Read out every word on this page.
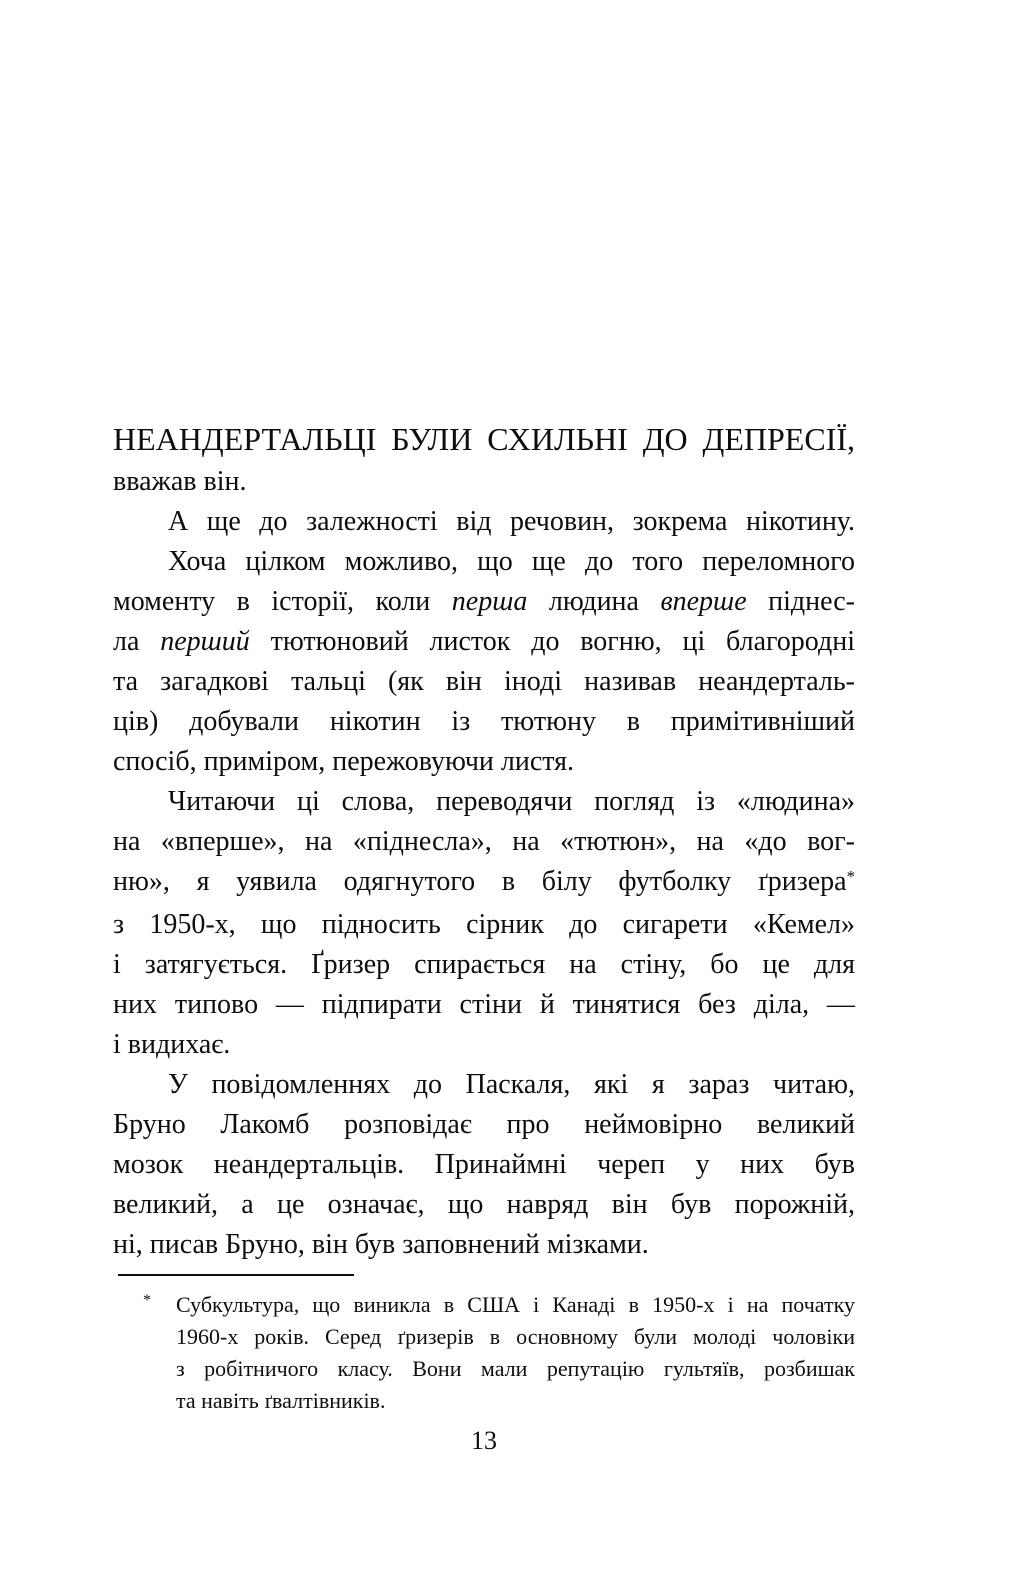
НЕАНДЕРТАЛЬЦІ БУЛИ СХИЛЬНІ ДО ДЕПРЕСІЇ,
вважав він.
А ще до залежності від речовин, зокрема нікотину.
Хоча цілком можливо, що ще до того переломного
моменту в історії, коли перша людина вперше піднес-
ла перший тютюновий листок до вогню, ці благородні
та загадкові тальці (як він іноді називав неандерталь-
ців) добували нікотин із тютюну в примітивніший
спосіб, приміром, пережовуючи листя.
Читаючи ці слова, переводячи погляд із «людина»
на «вперше», на «піднесла», на «тютюн», на «до вог-
ню», я уявила одягнутого в білу футболку ґризера*
з 1950-х, що підносить сірник до сигарети «Кемел»
і затягується. Ґризер спирається на стіну, бо це для
них типово — підпирати стіни й тинятися без діла, —
і видихає.
У повідомленнях до Паскаля, які я зараз читаю,
Бруно Лакомб розповідає про неймовірно великий
мозок неандертальців. Принаймні череп у них був
великий, а це означає, що навряд він був порожній,
ні, писав Бруно, він був заповнений мізками.
* Субкультура, що виникла в США і Канаді в 1950-х і на початку
1960-х років. Серед ґризерів в основному були молоді чоловіки
з робітничого класу. Вони мали репутацію гультяїв, розбишак
та навіть ґвалтівників.
13
